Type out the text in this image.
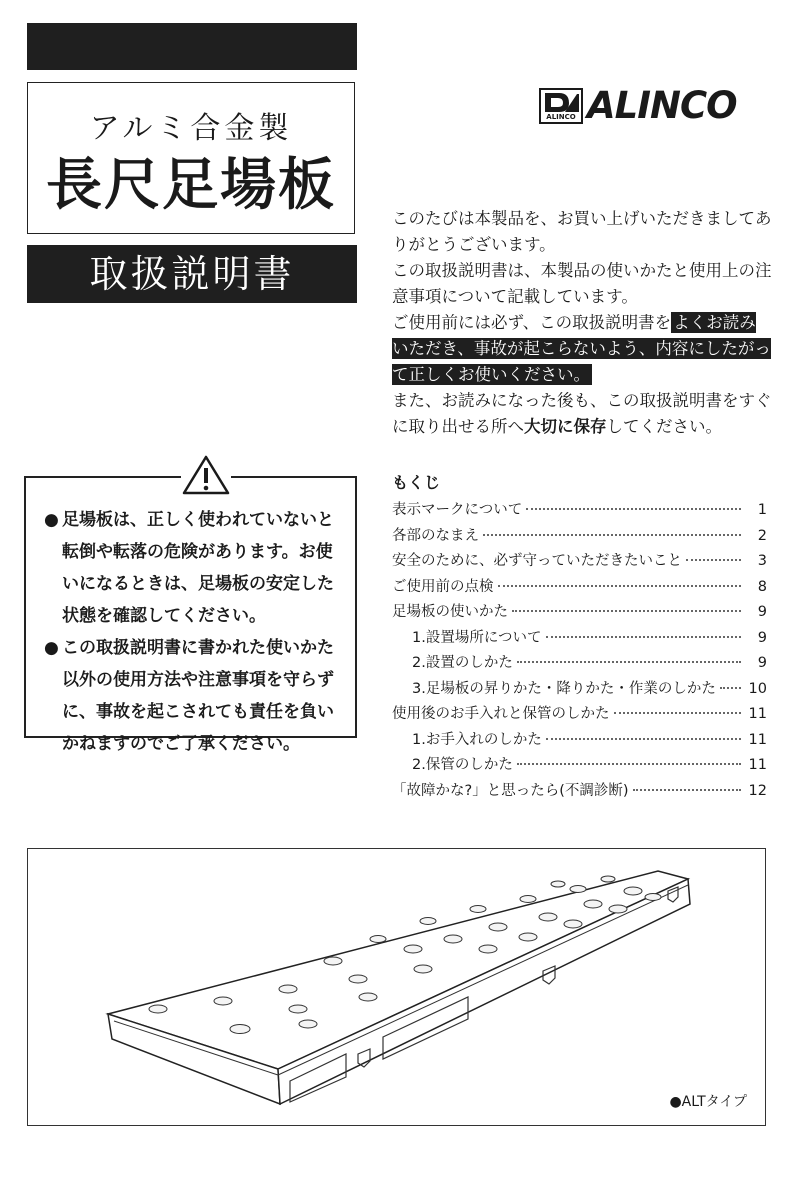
アルミ合金製
長尺足場板
取扱説明書
ALINCO ALINCO

このたびは本製品を、お買い上げいただきましてありがとうございます。

この取扱説明書は、本製品の使いかたと使用上の注意事項について記載しています。

ご使用前には必ず、この取扱説明書を よくお読みいただき、事故が起こらないよう、内容にしたがって正しくお使いください。

また、お読みになった後も、この取扱説明書をすぐに取り出せる所へ大切に保存してください。

● 足場板は、正しく使われていないと転倒や転落の危険があります。お使いになるときは、足場板の安定した状態を確認してください。
● この取扱説明書に書かれた使いかた以外の使用方法や注意事項を守らずに、事故を起こされても責任を負いかねますのでご了承ください。
もくじ
表示マークについて	1
各部のなまえ	2
安全のために、必ず守っていただきたいこと	3
ご使用前の点検	8
足場板の使いかた	9
1.設置場所について	9
2.設置のしかた	9
3.足場板の昇りかた・降りかた・作業のしかた 10
使用後のお手入れと保管のしかた	11
1.お手入れのしかた	11
2.保管のしかた	11
「故障かな?」と思ったら(不調診断)	12
●ALTタイプ
